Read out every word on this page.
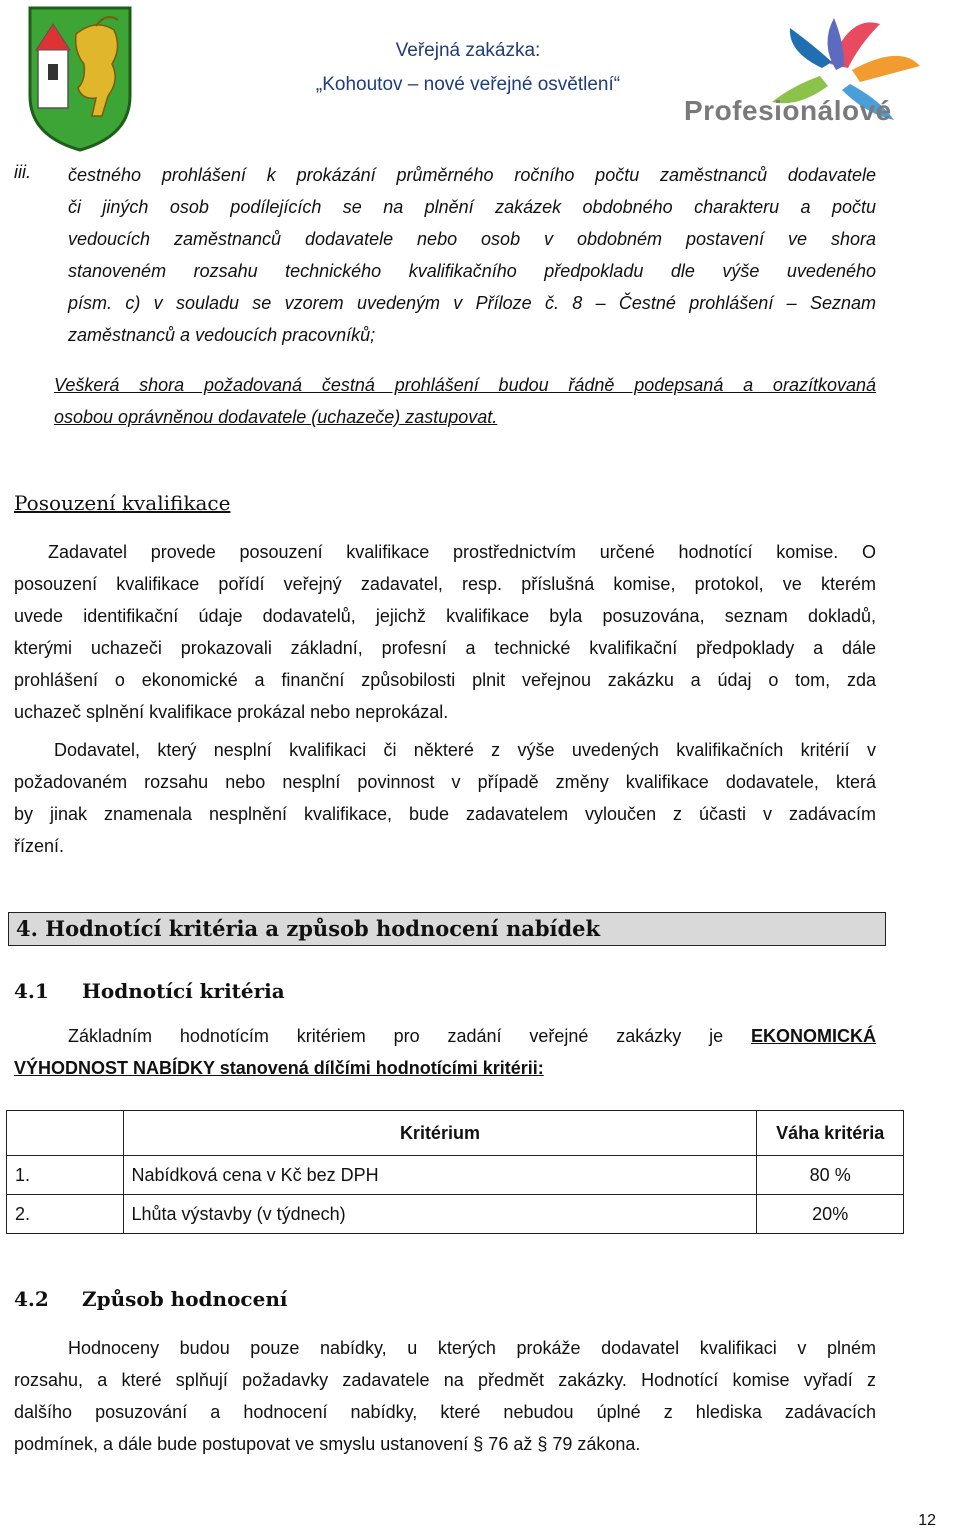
Veřejná zakázka:
„Kohoutov – nové veřejné osvětlení“
Profesionálové
iii. čestného prohlášení k prokázání průměrného ročního počtu zaměstnanců dodavatele
či jiných osob podílejících se na plnění zakázek obdobného charakteru a počtu
vedoucích zaměstnanců dodavatele nebo osob v obdobném postavení ve shora
stanoveném rozsahu technického kvalifikačního předpokladu dle výše uvedeného
písm. c) v souladu se vzorem uvedeným v Příloze č. 8 – Čestné prohlášení – Seznam
zaměstnanců a vedoucích pracovníků;
Veškerá shora požadovaná čestná prohlášení budou řádně podepsaná a orazítkovaná
osobou oprávněnou dodavatele (uchazeče) zastupovat.
Posouzení kvalifikace
Zadavatel provede posouzení kvalifikace prostřednictvím určené hodnotící komise. O
posouzení kvalifikace pořídí veřejný zadavatel, resp. příslušná komise, protokol, ve kterém
uvede identifikační údaje dodavatelů, jejichž kvalifikace byla posuzována, seznam dokladů,
kterými uchazeči prokazovali základní, profesní a technické kvalifikační předpoklady a dále
prohlášení o ekonomické a finanční způsobilosti plnit veřejnou zakázku a údaj o tom, zda
uchazeč splnění kvalifikace prokázal nebo neprokázal.
Dodavatel, který nesplní kvalifikaci či některé z výše uvedených kvalifikačních kritérií v
požadovaném rozsahu nebo nesplní povinnost v případě změny kvalifikace dodavatele, která
by jinak znamenala nesplnění kvalifikace, bude zadavatelem vyloučen z účasti v zadávacím
řízení.
4. Hodnotící kritéria a způsob hodnocení nabídek
4.1 Hodnotící kritéria
Základním hodnotícím kritériem pro zadání veřejné zakázky je EKONOMICKÁ
VÝHODNOST NABÍDKY stanovená dílčími hodnotícími kritérii:
	Kritérium	Váha kritéria
1.	Nabídková cena v Kč bez DPH	80 %
2.	Lhůta výstavby (v týdnech)	20%
4.2 Způsob hodnocení
Hodnoceny budou pouze nabídky, u kterých prokáže dodavatel kvalifikaci v plném
rozsahu, a které splňují požadavky zadavatele na předmět zakázky. Hodnotící komise vyřadí z
dalšího posuzování a hodnocení nabídky, které nebudou úplné z hlediska zadávacích
podmínek, a dále bude postupovat ve smyslu ustanovení § 76 až § 79 zákona.
12
